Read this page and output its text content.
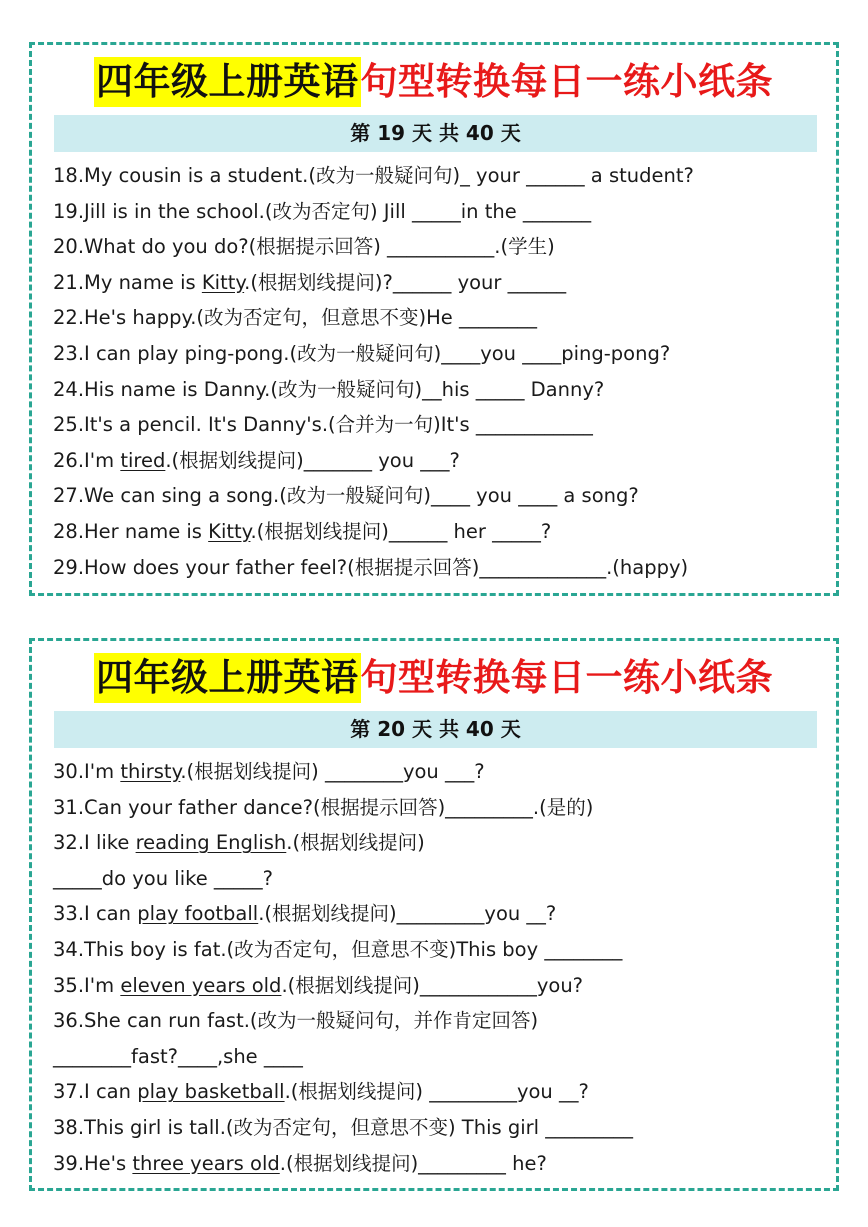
四年级上册英语 句型转换每日一练小纸条
第 19 天 共 40 天
18.My cousin is a student.(改为一般疑问句)_ your ______ a student?
19.Jill is in the school.(改为否定句) Jill _____in the _______
20.What do you do?(根据提示回答) ___________.(学生)
21.My name is Kitty.(根据划线提问)?______ your ______
22.He's happy.(改为否定句，但意思不变)He ________
23.I can play ping-pong.(改为一般疑问句)____you ____ping-pong?
24.His name is Danny.(改为一般疑问句)__his _____ Danny?
25.It's a pencil. It's Danny's.(合并为一句)It's ____________
26.I'm tired.(根据划线提问)_______ you ___?
27.We can sing a song.(改为一般疑问句)____ you ____ a song?
28.Her name is Kitty.(根据划线提问)______ her _____?
29.How does your father feel?(根据提示回答)_____________.(happy)
四年级上册英语 句型转换每日一练小纸条
第 20 天 共 40 天
30.I'm thirsty.(根据划线提问) ________you ___?
31.Can your father dance?(根据提示回答)_________.(是的)
32.I like reading English.(根据划线提问)
_____do you like _____?
33.I can play football.(根据划线提问)_________you __?
34.This boy is fat.(改为否定句，但意思不变)This boy ________
35.I'm eleven years old.(根据划线提问)____________you?
36.She can run fast.(改为一般疑问句，并作肯定回答)
________fast?____,she ____
37.I can play basketball.(根据划线提问) _________you __?
38.This girl is tall.(改为否定句，但意思不变) This girl _________
39.He's three years old.(根据划线提问)_________ he?
